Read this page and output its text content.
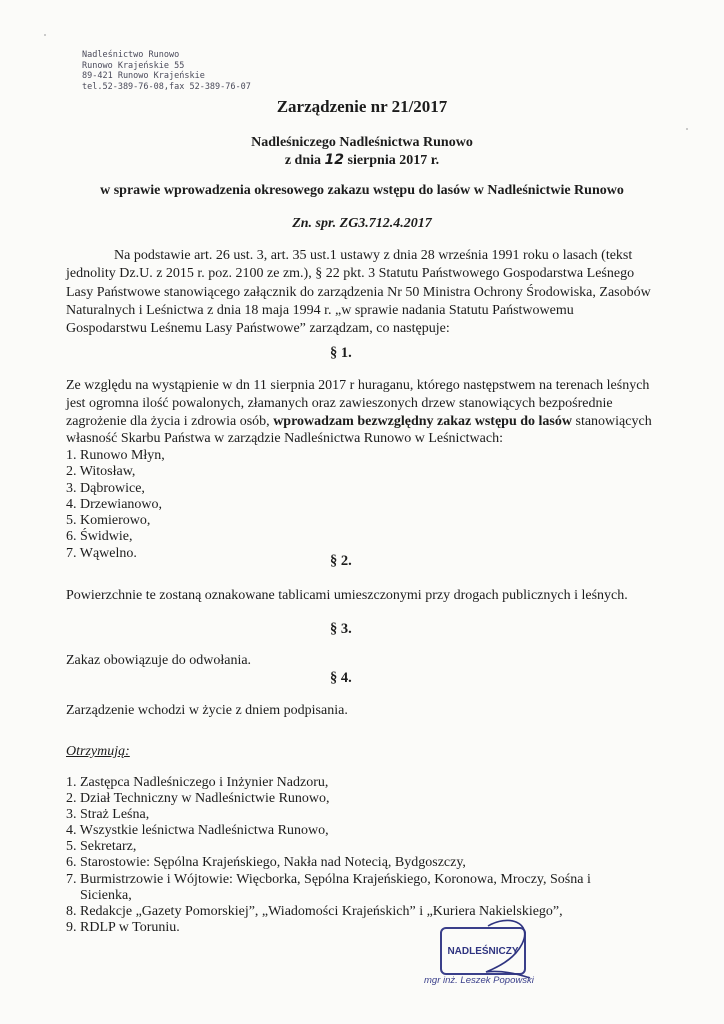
Nadleśnictwo Runowo
Runowo Krajeńskie 55
89-421 Runowo Krajeńskie
tel.52-389-76-08,fax 52-389-76-07
Zarządzenie nr 21/2017
Nadleśniczego Nadleśnictwa Runowo
z dnia 12 sierpnia 2017 r.
w sprawie wprowadzenia okresowego zakazu wstępu do lasów w Nadleśnictwie Runowo
Zn. spr. ZG3.712.4.2017
Na podstawie art. 26 ust. 3, art. 35 ust.1 ustawy z dnia 28 września 1991 roku o lasach (tekst jednolity Dz.U. z 2015 r. poz. 2100 ze zm.), § 22 pkt. 3 Statutu Państwowego Gospodarstwa Leśnego Lasy Państwowe stanowiącego załącznik do zarządzenia Nr 50 Ministra Ochrony Środowiska, Zasobów Naturalnych i Leśnictwa z dnia 18 maja 1994 r. „w sprawie nadania Statutu Państwowemu Gospodarstwu Leśnemu Lasy Państwowe” zarządzam, co następuje:
§ 1.
Ze względu na wystąpienie w dn 11 sierpnia 2017 r huraganu, którego następstwem na terenach leśnych jest ogromna ilość powalonych, złamanych oraz zawieszonych drzew stanowiących bezpośrednie zagrożenie dla życia i zdrowia osób, wprowadzam bezwzględny zakaz wstępu do lasów stanowiących własność Skarbu Państwa w zarządzie Nadleśnictwa Runowo w Leśnictwach:
1. Runowo Młyn,
2. Witosław,
3. Dąbrowice,
4. Drzewianowo,
5. Komierowo,
6. Świdwie,
7. Wąwelno.	§ 2.
Powierzchnie te zostaną oznakowane tablicami umieszczonymi przy drogach publicznych i leśnych.
§ 3.
Zakaz obowiązuje do odwołania.
§ 4.
Zarządzenie wchodzi w życie z dniem podpisania.
Otrzymują:
1. Zastępca Nadleśniczego i Inżynier Nadzoru,
2. Dział Techniczny w Nadleśnictwie Runowo,
3. Straż Leśna,
4. Wszystkie leśnictwa Nadleśnictwa Runowo,
5. Sekretarz,
6. Starostowie: Sępólna Krajeńskiego, Nakła nad Notecią, Bydgoszczy,
7. Burmistrzowie i Wójtowie: Więcborka, Sępólna Krajeńskiego, Koronowa, Mroczy, Sośna i
Sicienka,
8. Redakcje „Gazety Pomorskiej”, „Wiadomości Krajeńskich” i „Kuriera Nakielskiego”,
9. RDLP w Toruniu.
NADLEŚNICZY
mgr inż. Leszek Popowski
